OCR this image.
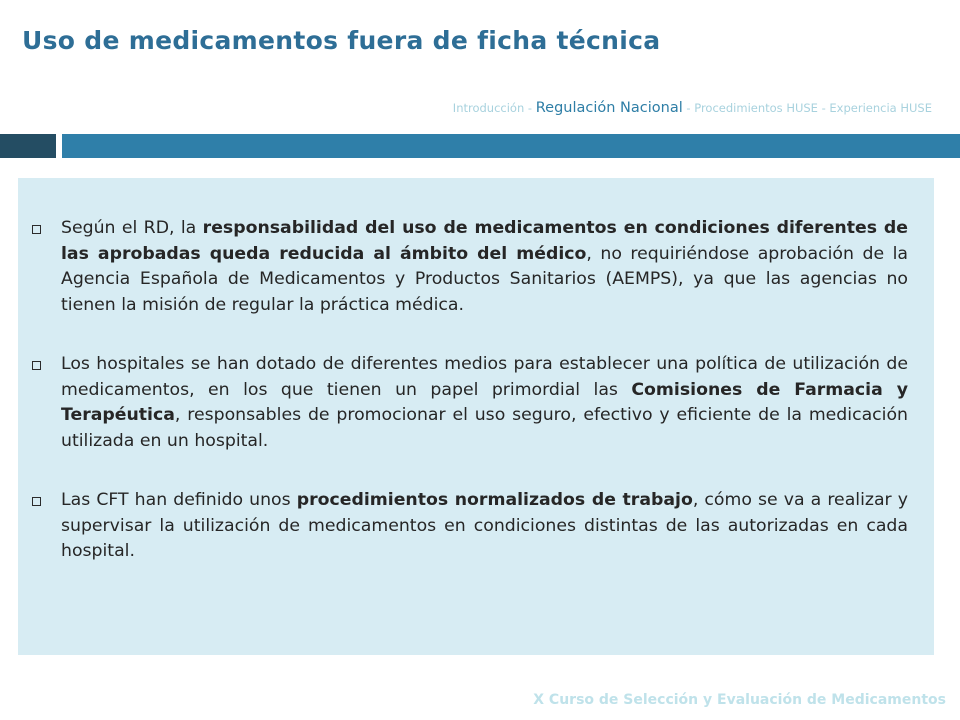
Uso de medicamentos fuera de ficha técnica
Introducción - Regulación Nacional - Procedimientos HUSE - Experiencia HUSE
Según el RD, la responsabilidad del uso de medicamentos en condiciones diferentes de las aprobadas queda reducida al ámbito del médico, no requiriéndose aprobación de la Agencia Española de Medicamentos y Productos Sanitarios (AEMPS), ya que las agencias no tienen la misión de regular la práctica médica.
Los hospitales se han dotado de diferentes medios para establecer una política de utilización de medicamentos, en los que tienen un papel primordial las Comisiones de Farmacia y Terapéutica, responsables de promocionar el uso seguro, efectivo y eficiente de la medicación utilizada en un hospital.
Las CFT han definido unos procedimientos normalizados de trabajo, cómo se va a realizar y supervisar la utilización de medicamentos en condiciones distintas de las autorizadas en cada hospital.
X Curso de Selección y Evaluación de Medicamentos
